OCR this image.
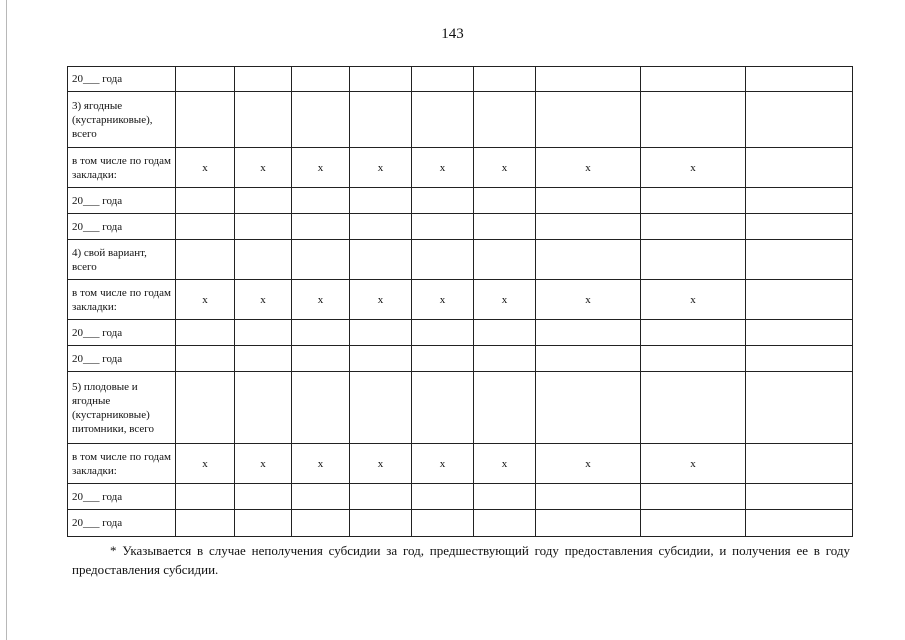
143
20___ года									
3) ягодные (кустарниковые), всего									
в том числе по годам закладки:	x	x	x	x	x	x	x	x	
20___ года									
20___ года									
4) свой вариант, всего									
в том числе по годам закладки:	x	x	x	x	x	x	x	x	
20___ года									
20___ года									
5) плодовые и ягодные (кустарниковые) питомники, всего									
в том числе по годам закладки:	x	x	x	x	x	x	x	x	
20___ года									
20___ года									
* Указывается в случае неполучения субсидии за год, предшествующий году предоставления субсидии, и получения ее в году предоставления субсидии.
